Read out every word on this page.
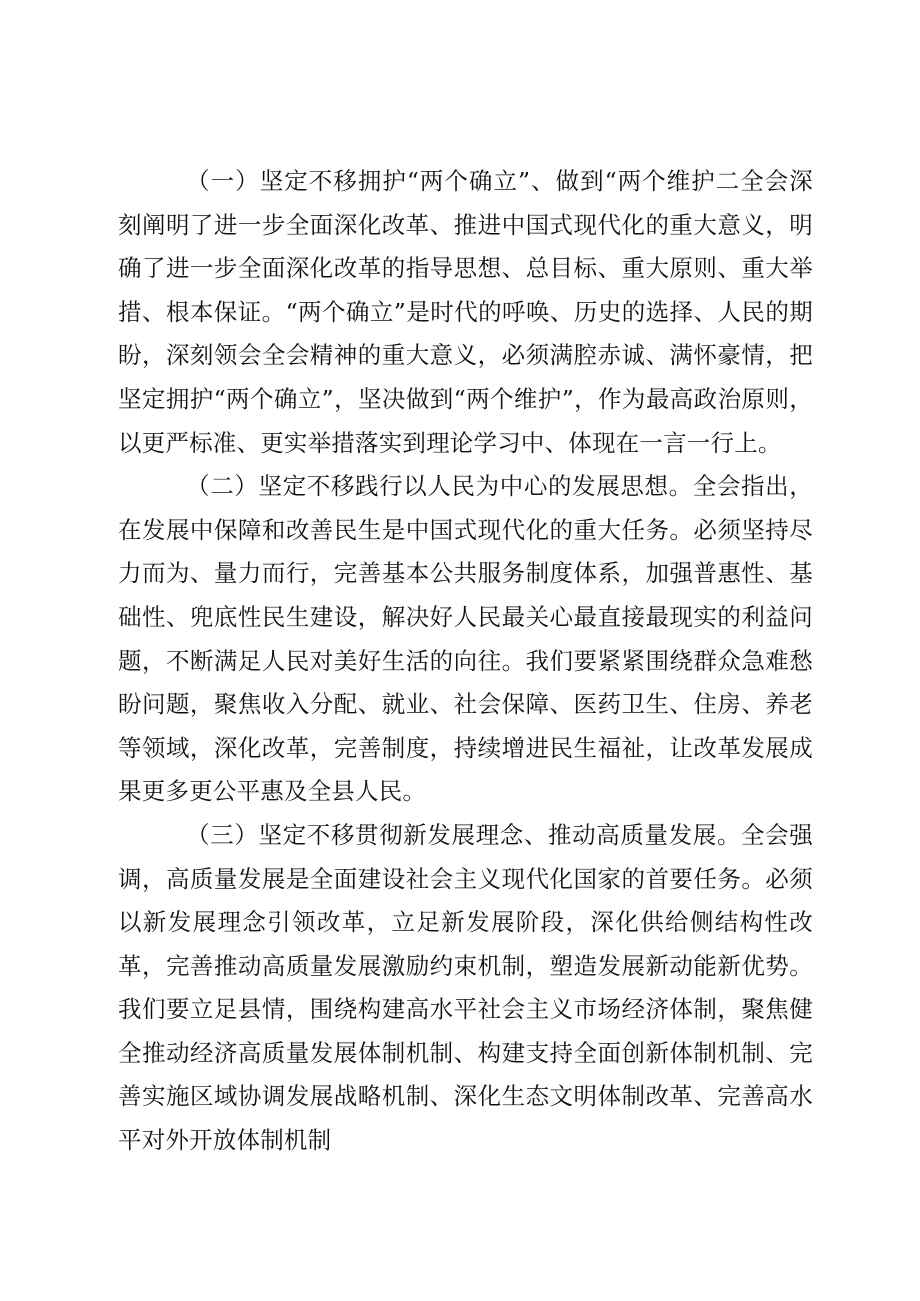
（一）坚定不移拥护“两个确立”、做到“两个维护二全会深刻阐明了进一步全面深化改革、推进中国式现代化的重大意义，明确了进一步全面深化改革的指导思想、总目标、重大原则、重大举措、根本保证。“两个确立”是时代的呼唤、历史的选择、人民的期盼，深刻领会全会精神的重大意义，必须满腔赤诚、满怀豪情，把坚定拥护“两个确立”，坚决做到“两个维护”，作为最高政治原则，以更严标准、更实举措落实到理论学习中、体现在一言一行上。

（二）坚定不移践行以人民为中心的发展思想。全会指出，在发展中保障和改善民生是中国式现代化的重大任务。必须坚持尽力而为、量力而行，完善基本公共服务制度体系，加强普惠性、基础性、兜底性民生建设，解决好人民最关心最直接最现实的利益问题，不断满足人民对美好生活的向往。我们要紧紧围绕群众急难愁盼问题，聚焦收入分配、就业、社会保障、医药卫生、住房、养老等领域，深化改革，完善制度，持续增进民生福祉，让改革发展成果更多更公平惠及全县人民。

（三）坚定不移贯彻新发展理念、推动高质量发展。全会强调，高质量发展是全面建设社会主义现代化国家的首要任务。必须以新发展理念引领改革，立足新发展阶段，深化供给侧结构性改革，完善推动高质量发展激励约束机制，塑造发展新动能新优势。我们要立足县情，围绕构建高水平社会主义市场经济体制，聚焦健全推动经济高质量发展体制机制、构建支持全面创新体制机制、完善实施区域协调发展战略机制、深化生态文明体制改革、完善高水平对外开放体制机制
